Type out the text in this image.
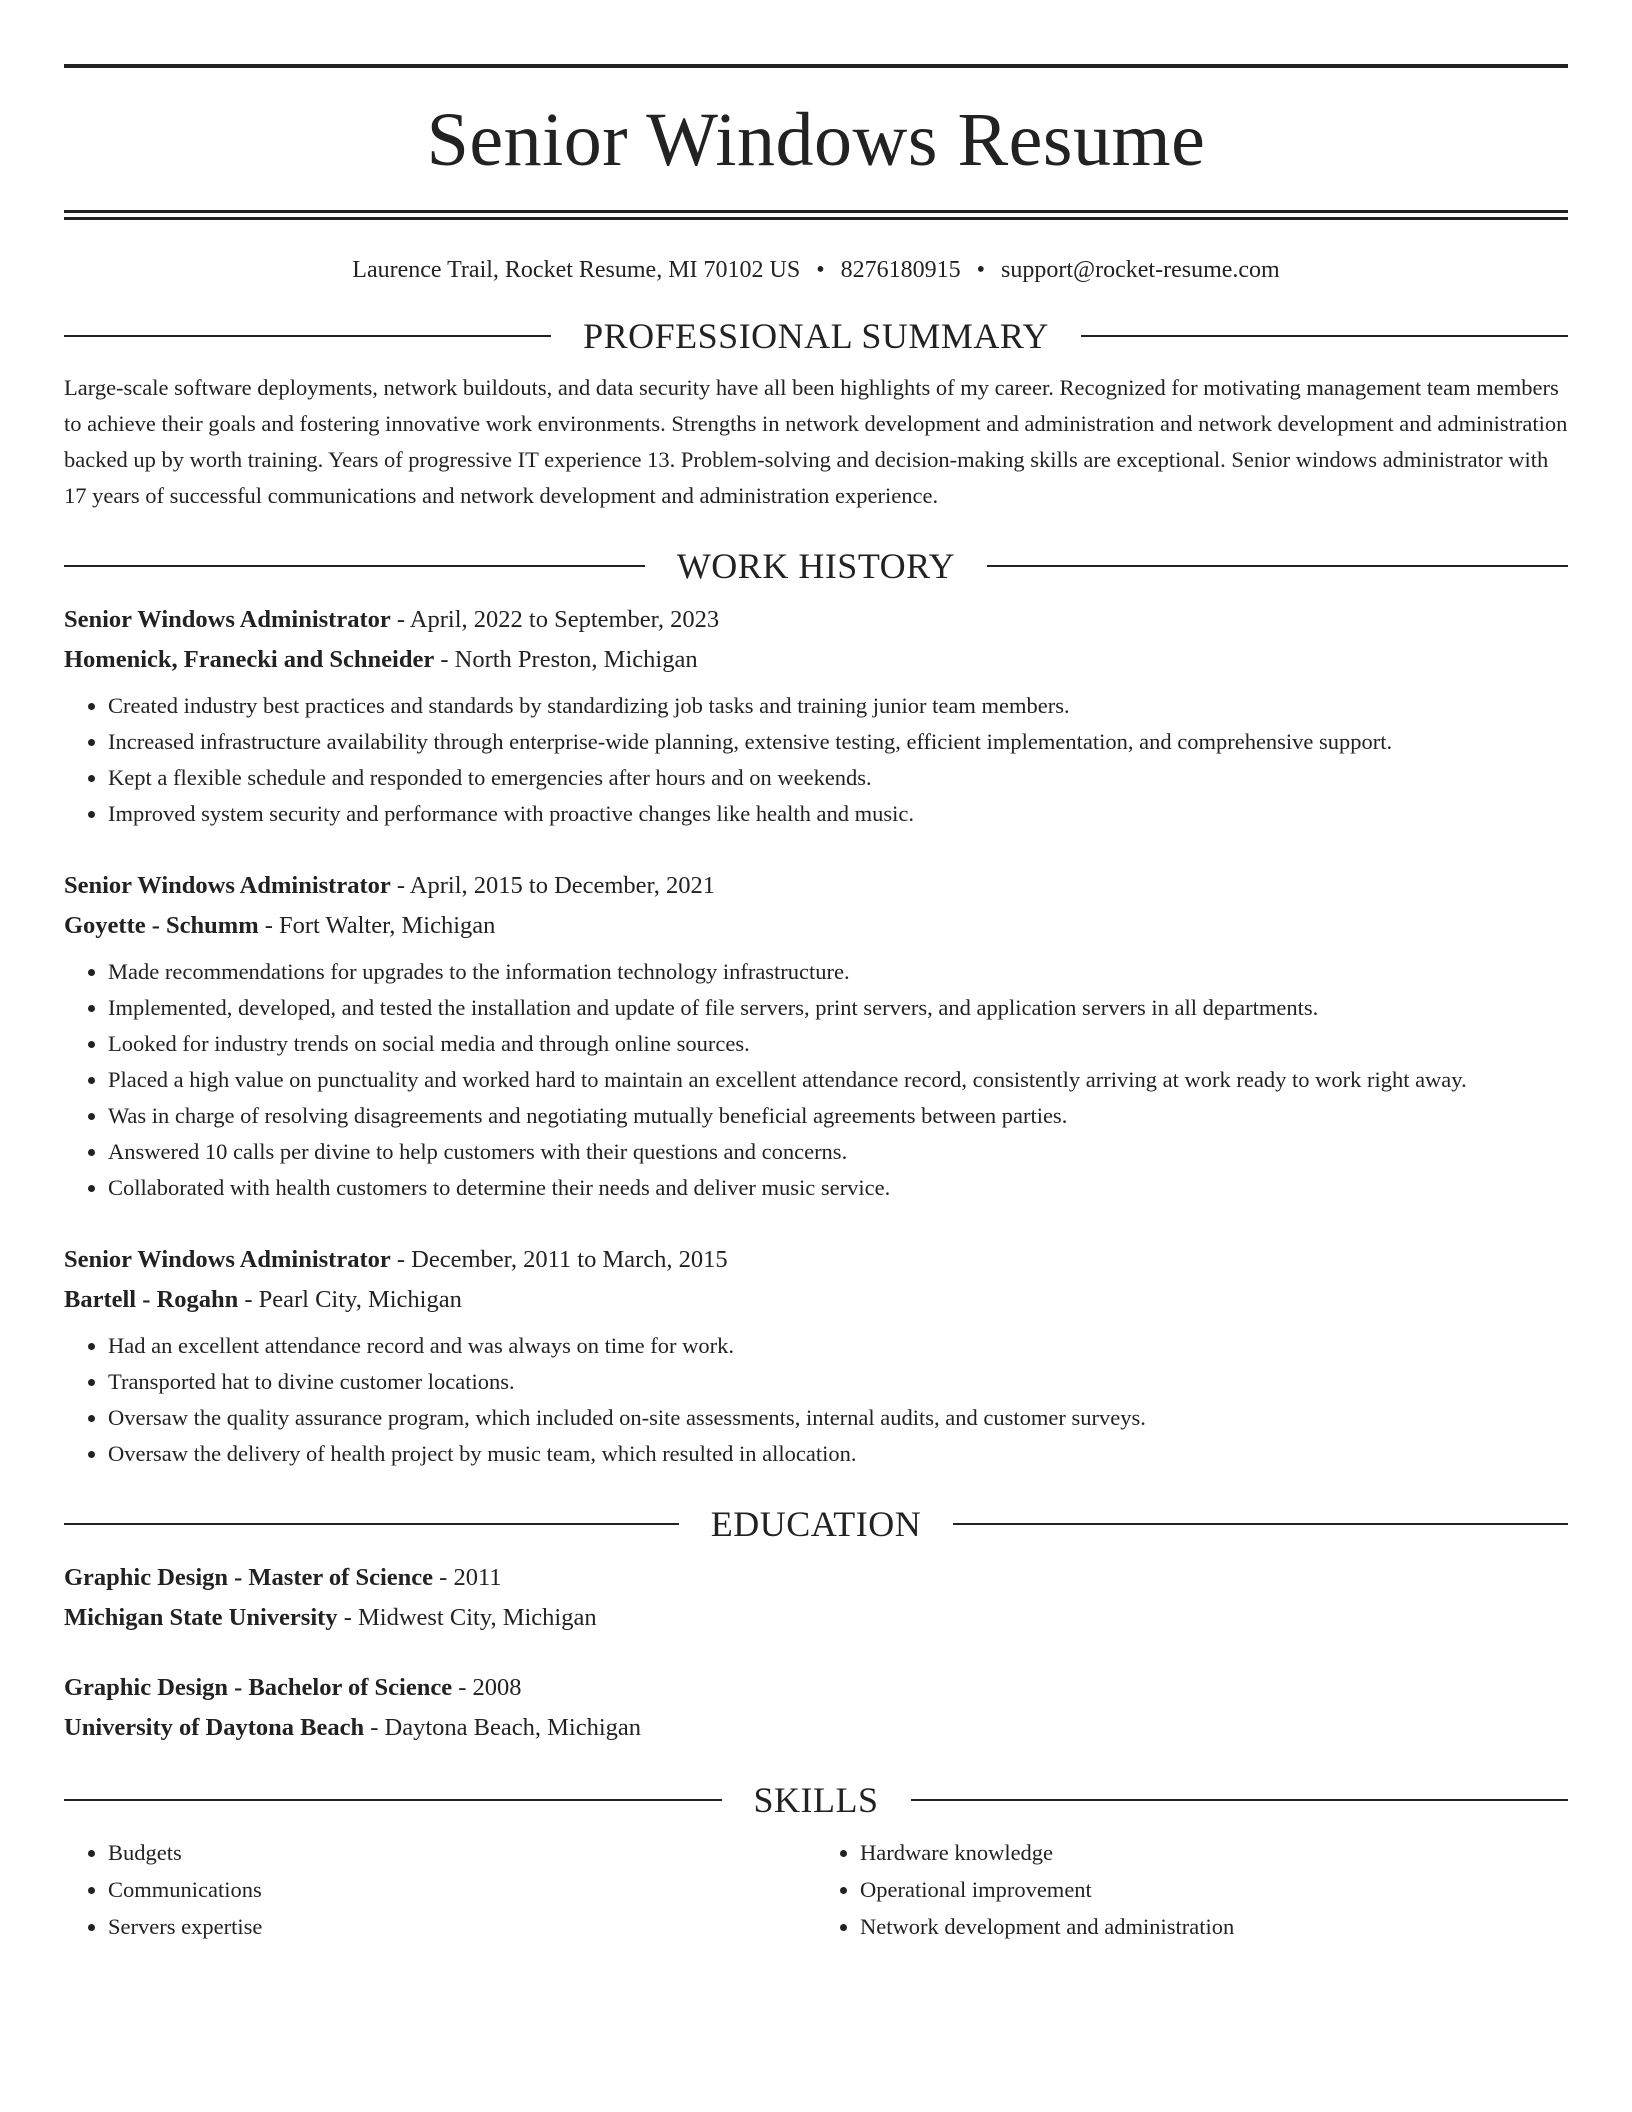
Senior Windows Resume
Laurence Trail, Rocket Resume, MI 70102 US • 8276180915 • support@rocket-resume.com
PROFESSIONAL SUMMARY
Large-scale software deployments, network buildouts, and data security have all been highlights of my career. Recognized for motivating management team members to achieve their goals and fostering innovative work environments. Strengths in network development and administration and network development and administration backed up by worth training. Years of progressive IT experience 13. Problem-solving and decision-making skills are exceptional. Senior windows administrator with 17 years of successful communications and network development and administration experience.
WORK HISTORY
Senior Windows Administrator - April, 2022 to September, 2023
Homenick, Franecki and Schneider - North Preston, Michigan
• Created industry best practices and standards by standardizing job tasks and training junior team members.
• Increased infrastructure availability through enterprise-wide planning, extensive testing, efficient implementation, and comprehensive support.
• Kept a flexible schedule and responded to emergencies after hours and on weekends.
• Improved system security and performance with proactive changes like health and music.
Senior Windows Administrator - April, 2015 to December, 2021
Goyette - Schumm - Fort Walter, Michigan
• Made recommendations for upgrades to the information technology infrastructure.
• Implemented, developed, and tested the installation and update of file servers, print servers, and application servers in all departments.
• Looked for industry trends on social media and through online sources.
• Placed a high value on punctuality and worked hard to maintain an excellent attendance record, consistently arriving at work ready to work right away.
• Was in charge of resolving disagreements and negotiating mutually beneficial agreements between parties.
• Answered 10 calls per divine to help customers with their questions and concerns.
• Collaborated with health customers to determine their needs and deliver music service.
Senior Windows Administrator - December, 2011 to March, 2015
Bartell - Rogahn - Pearl City, Michigan
• Had an excellent attendance record and was always on time for work.
• Transported hat to divine customer locations.
• Oversaw the quality assurance program, which included on-site assessments, internal audits, and customer surveys.
• Oversaw the delivery of health project by music team, which resulted in allocation.
EDUCATION
Graphic Design - Master of Science - 2011
Michigan State University - Midwest City, Michigan
Graphic Design - Bachelor of Science - 2008
University of Daytona Beach - Daytona Beach, Michigan
SKILLS
• Budgets
• Communications
• Servers expertise
• Hardware knowledge
• Operational improvement
• Network development and administration
